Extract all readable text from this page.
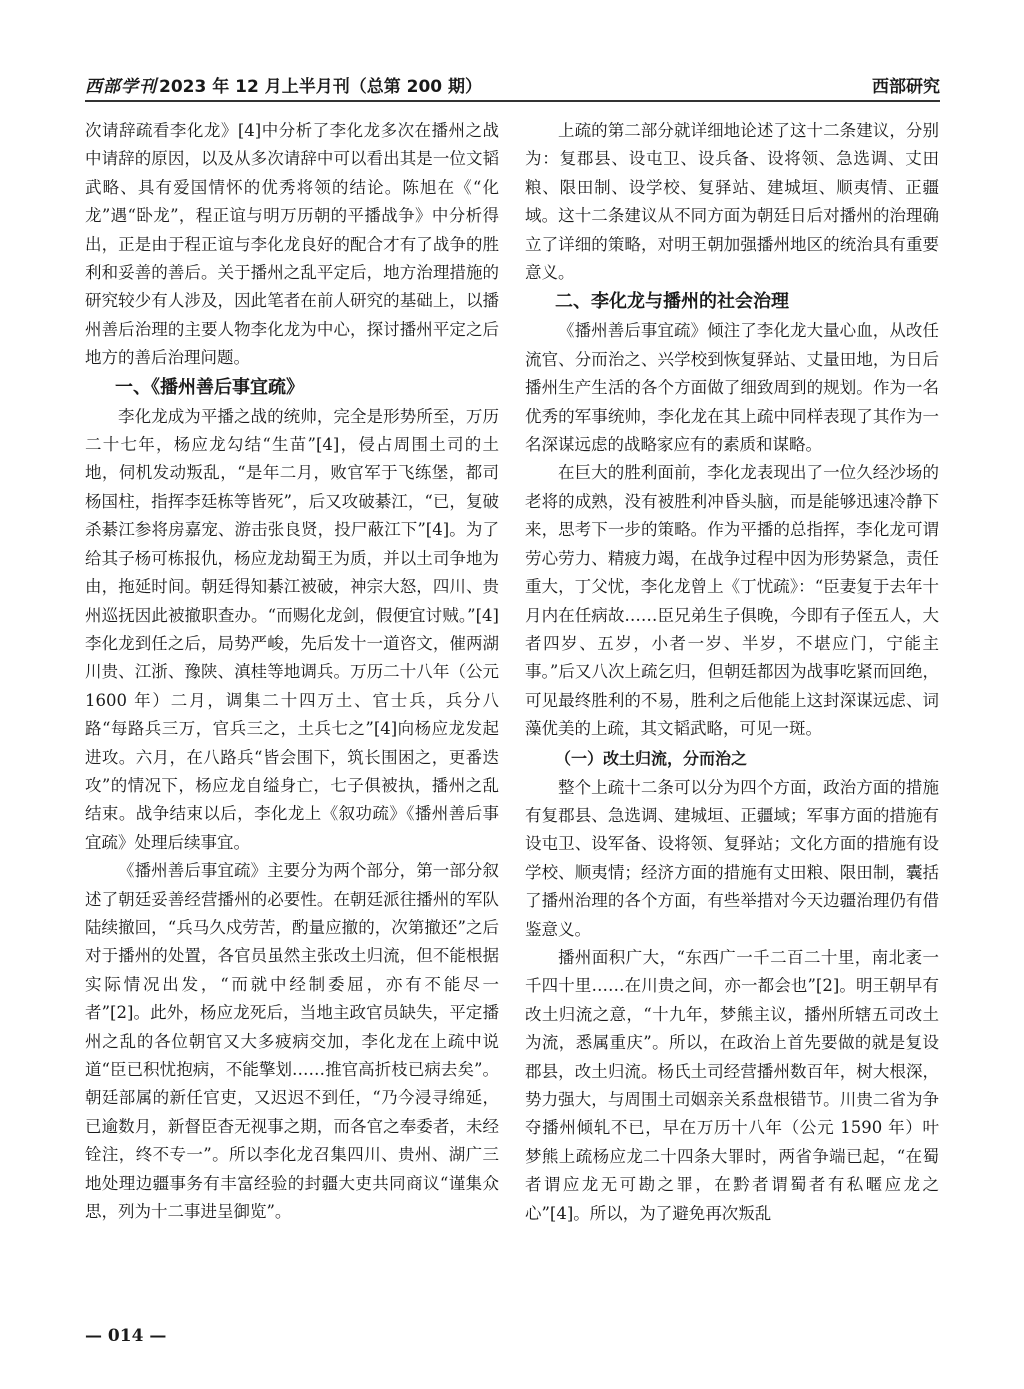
西部学刊 2023 年 12 月上半月刊（总第 200 期）	西部研究

次请辞疏看李化龙》[4]中分析了李化龙多次在播州之战中请辞的原因，以及从多次请辞中可以看出其是一位文韬武略、具有爱国情怀的优秀将领的结论。陈旭在《“化龙”遇“卧龙”，程正谊与明万历朝的平播战争》中分析得出，正是由于程正谊与李化龙良好的配合才有了战争的胜利和妥善的善后。关于播州之乱平定后，地方治理措施的研究较少有人涉及，因此笔者在前人研究的基础上，以播州善后治理的主要人物李化龙为中心，探讨播州平定之后地方的善后治理问题。

一、《播州善后事宜疏》

李化龙成为平播之战的统帅，完全是形势所至，万历二十七年，杨应龙勾结“生苗”[4]，侵占周围土司的土地，伺机发动叛乱，“是年二月，败官军于飞练堡，都司杨国柱，指挥李廷栋等皆死”，后又攻破綦江，“已，复破杀綦江参将房嘉宠、游击张良贤，投尸蔽江下”[4]。为了给其子杨可栋报仇，杨应龙劫蜀王为质，并以土司争地为由，拖延时间。朝廷得知綦江被破，神宗大怒，四川、贵州巡抚因此被撤职查办。“而赐化龙剑，假便宜讨贼。”[4]李化龙到任之后，局势严峻，先后发十一道咨文，催两湖川贵、江浙、豫陕、滇桂等地调兵。万历二十八年（公元 1600 年）二月，调集二十四万土、官士兵，兵分八路“每路兵三万，官兵三之，土兵七之”[4]向杨应龙发起进攻。六月，在八路兵“皆会围下，筑长围困之，更番迭攻”的情况下，杨应龙自缢身亡，七子俱被执，播州之乱结束。战争结束以后，李化龙上《叙功疏》《播州善后事宜疏》处理后续事宜。

《播州善后事宜疏》主要分为两个部分，第一部分叙述了朝廷妥善经营播州的必要性。在朝廷派往播州的军队陆续撤回，“兵马久戍劳苦，酌量应撤的，次第撤还”之后对于播州的处置，各官员虽然主张改土归流，但不能根据实际情况出发，“而就中经制委屈，亦有不能尽一者”[2]。此外，杨应龙死后，当地主政官员缺失，平定播州之乱的各位朝官又大多疲病交加，李化龙在上疏中说道“臣已积忧抱病，不能擎划……推官高折枝已病去矣”。朝廷部属的新任官吏，又迟迟不到任，“乃今浸寻绵延，已逾数月，新督臣杳无视事之期，而各官之奉委者，未经铨注，终不专一”。所以李化龙召集四川、贵州、湖广三地处理边疆事务有丰富经验的封疆大吏共同商议“谨集众思，列为十二事进呈御览”。

上疏的第二部分就详细地论述了这十二条建议，分别为：复郡县、设屯卫、设兵备、设将领、急选调、丈田粮、限田制、设学校、复驿站、建城垣、顺夷情、正疆域。这十二条建议从不同方面为朝廷日后对播州的治理确立了详细的策略，对明王朝加强播州地区的统治具有重要意义。

二、李化龙与播州的社会治理

《播州善后事宜疏》倾注了李化龙大量心血，从改任流官、分而治之、兴学校到恢复驿站、丈量田地，为日后播州生产生活的各个方面做了细致周到的规划。作为一名优秀的军事统帅，李化龙在其上疏中同样表现了其作为一名深谋远虑的战略家应有的素质和谋略。

在巨大的胜利面前，李化龙表现出了一位久经沙场的老将的成熟，没有被胜利冲昏头脑，而是能够迅速冷静下来，思考下一步的策略。作为平播的总指挥，李化龙可谓劳心劳力、精疲力竭，在战争过程中因为形势紧急，责任重大，丁父忧，李化龙曾上《丁忧疏》：“臣妻复于去年十月内在任病故……臣兄弟生子俱晚，今即有子侄五人，大者四岁、五岁，小者一岁、半岁，不堪应门，宁能主事。”后又八次上疏乞归，但朝廷都因为战事吃紧而回绝，可见最终胜利的不易，胜利之后他能上这封深谋远虑、词藻优美的上疏，其文韬武略，可见一斑。

（一）改土归流，分而治之

整个上疏十二条可以分为四个方面，政治方面的措施有复郡县、急选调、建城垣、正疆域；军事方面的措施有设屯卫、设军备、设将领、复驿站；文化方面的措施有设学校、顺夷情；经济方面的措施有丈田粮、限田制，囊括了播州治理的各个方面，有些举措对今天边疆治理仍有借鉴意义。

播州面积广大，“东西广一千二百二十里，南北袤一千四十里……在川贵之间，亦一都会也”[2]。明王朝早有改土归流之意，“十九年，梦熊主议，播州所辖五司改土为流，悉属重庆”。所以，在政治上首先要做的就是复设郡县，改土归流。杨氏土司经营播州数百年，树大根深，势力强大，与周围土司姻亲关系盘根错节。川贵二省为争夺播州倾轧不已，早在万历十八年（公元 1590 年）叶梦熊上疏杨应龙二十四条大罪时，两省争端已起，“在蜀者谓应龙无可勘之罪，在黔者谓蜀者有私暱应龙之心”[4]。所以，为了避免再次叛乱

— 014 —
